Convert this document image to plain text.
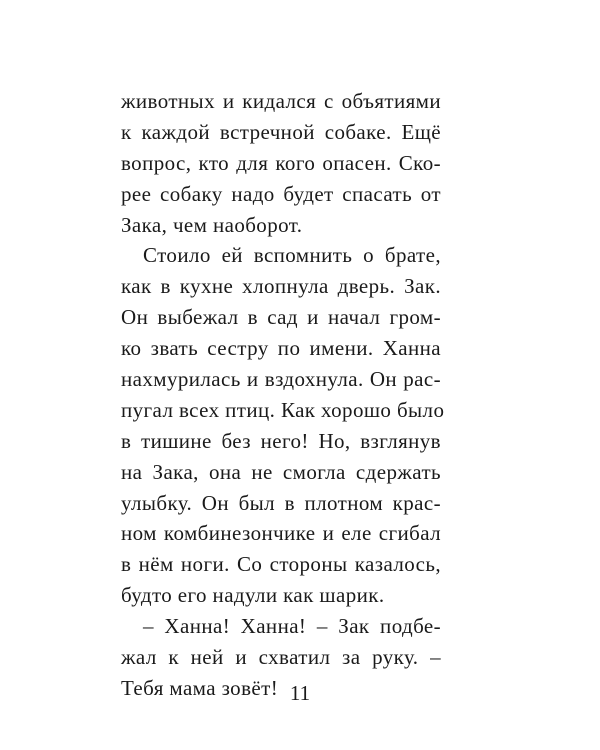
животных и кидался с объятиями
к каждой встречной собаке. Ещё
вопрос, кто для кого опасен. Ско-
рее собаку надо будет спасать от
Зака, чем наоборот.
Стоило ей вспомнить о брате,
как в кухне хлопнула дверь. Зак.
Он выбежал в сад и начал гром-
ко звать сестру по имени. Ханна
нахмурилась и вздохнула. Он рас-
пугал всех птиц. Как хорошо было
в тишине без него! Но, взглянув
на Зака, она не смогла сдержать
улыбку. Он был в плотном крас-
ном комбинезончике и еле сгибал
в нём ноги. Со стороны казалось,
будто его надули как шарик.
– Ханна! Ханна! – Зак подбе-
жал к ней и схватил за руку. –
Тебя мама зовёт! 11
